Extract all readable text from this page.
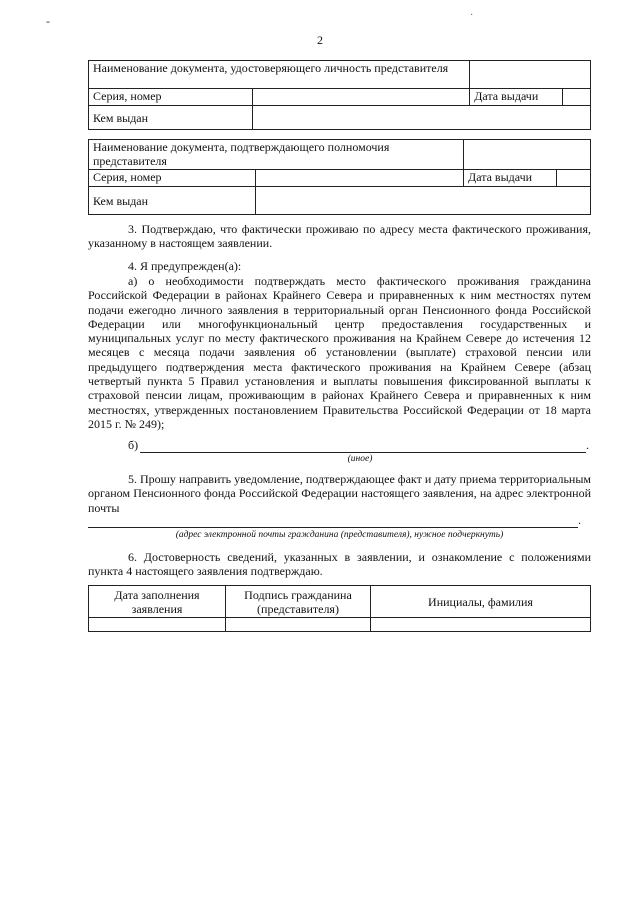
-	·
2
Наименование документа, удостоверяющего личность представителя		
Серия, номер		Дата выдачи

Кем выдан		
Наименование документа, подтверждающего полномочия представителя		
Серия, номер		Дата выдачи

Кем выдан		
3. Подтверждаю, что фактически проживаю по адресу места фактического проживания, указанному в настоящем заявлении.
4. Я предупрежден(а):
а) о необходимости подтверждать место фактического проживания гражданина Российской Федерации в районах Крайнего Севера и приравненных к ним местностях путем подачи ежегодно личного заявления в территориальный орган Пенсионного фонда Российской Федерации или многофункциональный центр предоставления государственных и муниципальных услуг по месту фактического проживания на Крайнем Севере до истечения 12 месяцев с месяца подачи заявления об установлении (выплате) страховой пенсии или предыдущего подтверждения места фактического проживания на Крайнем Севере (абзац четвертый пункта 5 Правил установления и выплаты повышения фиксированной выплаты к страховой пенсии лицам, проживающим в районах Крайнего Севера и приравненных к ним местностях, утвержденных постановлением Правительства Российской Федерации от 18 марта 2015 г. № 249);
б)	.
(иное)
5. Прошу направить уведомление, подтверждающее факт и дату приема территориальным органом Пенсионного фонда Российской Федерации настоящего заявления, на адрес электронной почты
.
(адрес электронной почты гражданина (представителя), нужное подчеркнуть)
6. Достоверность сведений, указанных в заявлении, и ознакомление с положениями пункта 4 настоящего заявления подтверждаю.
Дата заполнения заявления	Подпись гражданина (представителя)	Инициалы, фамилия
